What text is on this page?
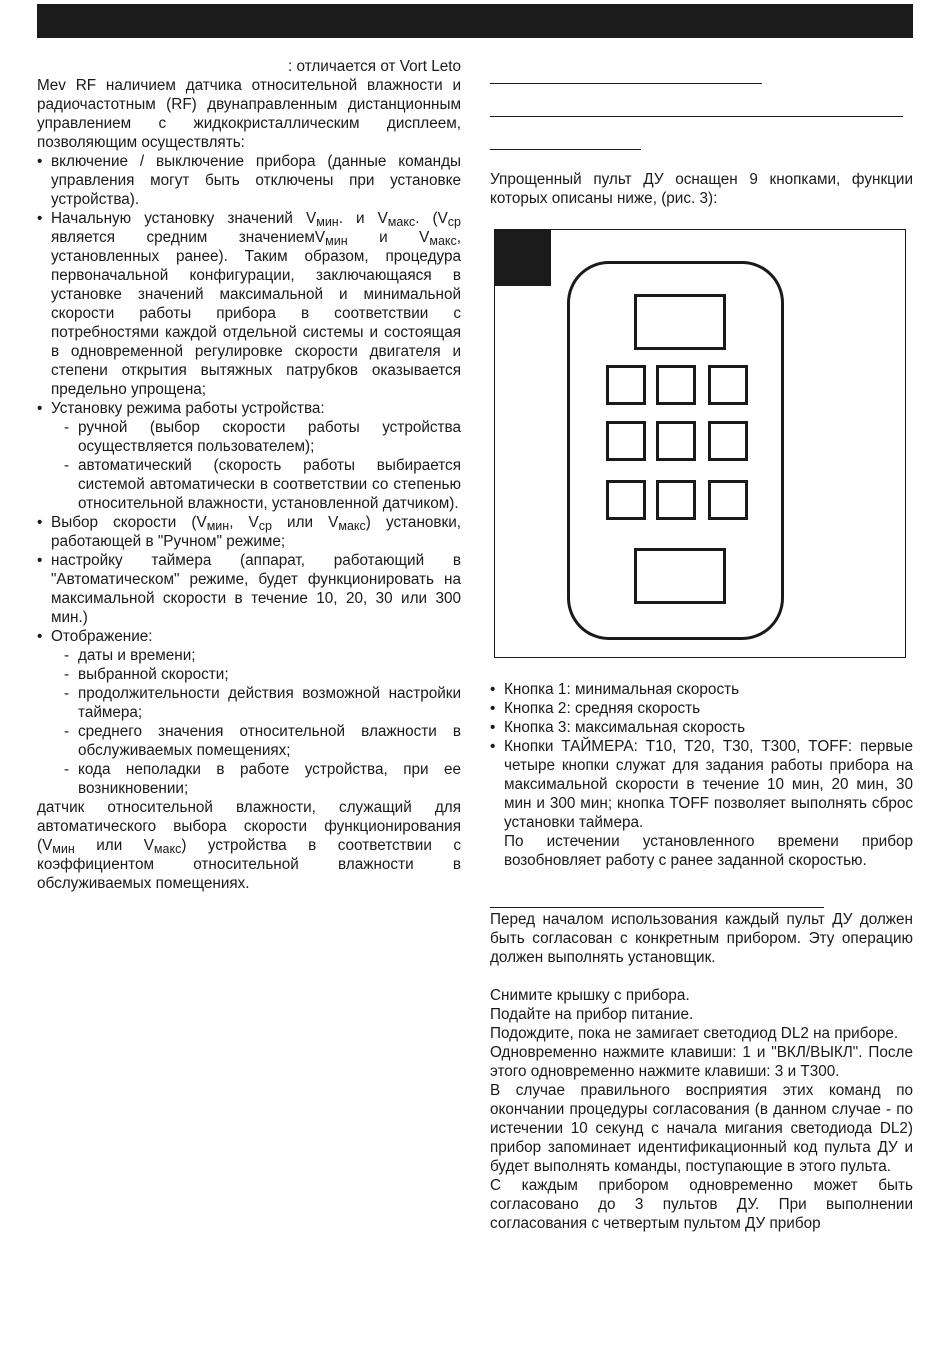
: отличается от Vort Leto

Mev RF наличием датчика относительной влажности и радиочастотным (RF) двунаправленным дистанционным управлением с жидкокристаллическим дисплеем, позволяющим осуществлять:

• включение / выключение прибора (данные команды управления могут быть отключены при установке устройства).
• Начальную установку значений $V_{мин}$. и $V_{макс}$. ($V_{ср}$ является средним значениемV$_{мин}$ и $V_{макс}$, установленных ранее). Таким образом, процедура первоначальной конфигурации, заключающаяся в установке значений максимальной и минимальной скорости работы прибора в соответствии с потребностями каждой отдельной системы и состоящая в одновременной регулировке скорости двигателя и степени открытия вытяжных патрубков оказывается предельно упрощена;
• Установку режима работы устройства:
- ручной (выбор скорости работы устройства осуществляется пользователем);
- автоматический (скорость работы выбирается системой автоматически в соответствии со степенью относительной влажности, установленной датчиком).
• Выбор скорости ($V_{мин}$, $V_{ср}$ или $V_{макс}$) установки, работающей в "Ручном" режиме;
• настройку таймера (аппарат, работающий в "Автоматическом" режиме, будет функционировать на максимальной скорости в течение 10, 20, 30 или 300 мин.)
• Отображение:
- даты и времени;
- выбранной скорости;
- продолжительности действия возможной настройки таймера;
- среднего значения относительной влажности в обслуживаемых помещениях;
- кода неполадки в работе устройства, при ее возникновении;

датчик относительной влажности, служащий для автоматического выбора скорости функционирования ($V_{мин}$ или $V_{макс}$) устройства в соответствии с коэффициентом относительной влажности в обслуживаемых помещениях.

Упрощенный пульт ДУ оснащен 9 кнопками, функции которых описаны ниже, (рис. 3):

• Кнопка 1: минимальная скорость
• Кнопка 2: средняя скорость
• Кнопка 3: максимальная скорость
• Кнопки ТАЙМЕРА: Т10, Т20, Т30, Т300, TOFF: первые четыре кнопки служат для задания работы прибора на максимальной скорости в течение 10 мин, 20 мин, 30 мин и 300 мин; кнопка TOFF позволяет выполнять сброс установки таймера.

По истечении установленного времени прибор возобновляет работу с ранее заданной скоростью.

Перед началом использования каждый пульт ДУ должен быть согласован с конкретным прибором. Эту операцию должен выполнять установщик.

Снимите крышку с прибора.

Подайте на прибор питание.

Подождите, пока не замигает светодиод DL2 на приборе.

Одновременно нажмите клавиши: 1 и "ВКЛ/ВЫКЛ". После этого одновременно нажмите клавиши: 3 и Т300.

В случае правильного восприятия этих команд по окончании процедуры согласования (в данном случае - по истечении 10 секунд с начала мигания светодиода DL2) прибор запоминает идентификационный код пульта ДУ и будет выполнять команды, поступающие в этого пульта.

С каждым прибором одновременно может быть согласовано до 3 пультов ДУ. При выполнении согласования с четвертым пультом ДУ прибор
